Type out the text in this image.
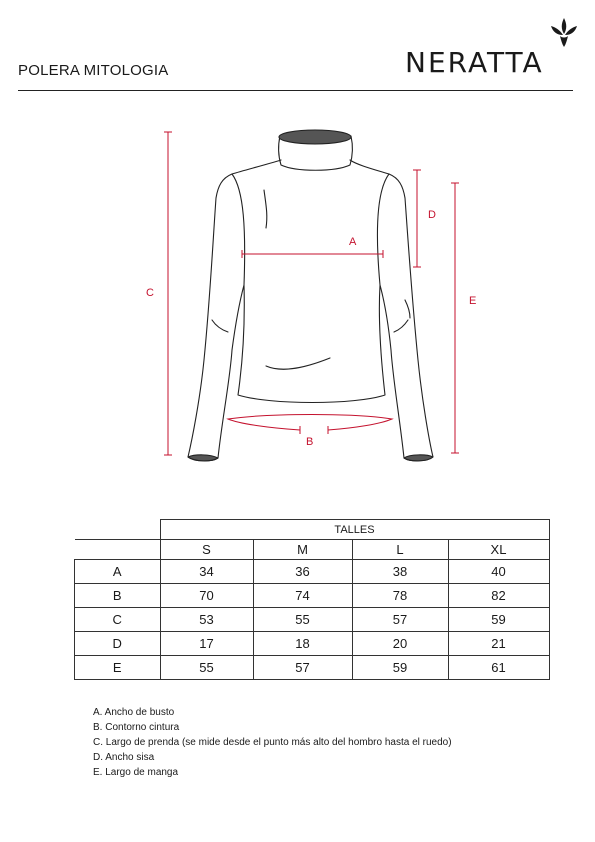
POLERA MITOLOGIA	NERATTA
A
B
C
D
E
	TALLES			
	S	M	L	XL
A	34	36	38	40
B	70	74	78	82
C	53	55	57	59
D	17	18	20	21
E	55	57	59	61
A. Ancho de busto
B. Contorno cintura
C. Largo de prenda (se mide desde el punto más alto del hombro hasta el ruedo)
D. Ancho sisa
E. Largo de manga
